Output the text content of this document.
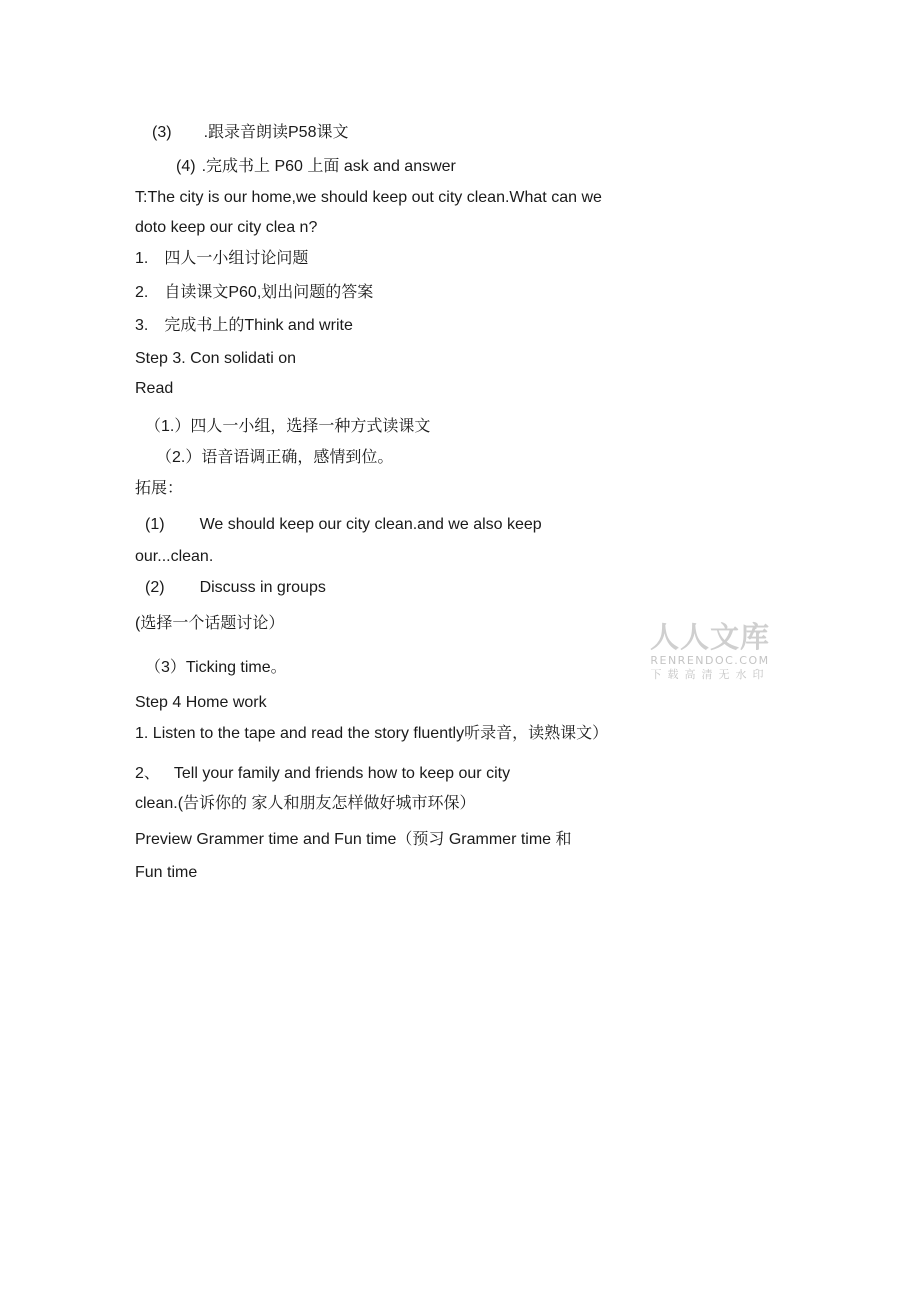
(3) .跟录音朗读P58课文
(4) .完成书上 P60 上面 ask and answer
T:The city is our home,we should keep out city clean.What can we
doto keep our city clea n?
1. 四人一小组讨论问题
2. 自读课文P60,划出问题的答案
3. 完成书上的Think and write
Step 3. Con solidati on
Read
（1.）四人一小组，选择一种方式读课文
（2.）语音语调正确，感情到位。
拓展：
(1) We should keep our city clean.and we also keep
our...clean.
(2) Discuss in groups
(选择一个话题讨论）
（3）Ticking time。
Step 4 Home work
1. Listen to the tape and read the story fluently听录音，读熟课文）
2、 Tell your family and friends how to keep our city
clean.(告诉你的 家人和朋友怎样做好城市环保）
Preview Grammer time and Fun time（预习 Grammer time 和
Fun time
人人文库
RENRENDOC.COM
下载高清无水印
